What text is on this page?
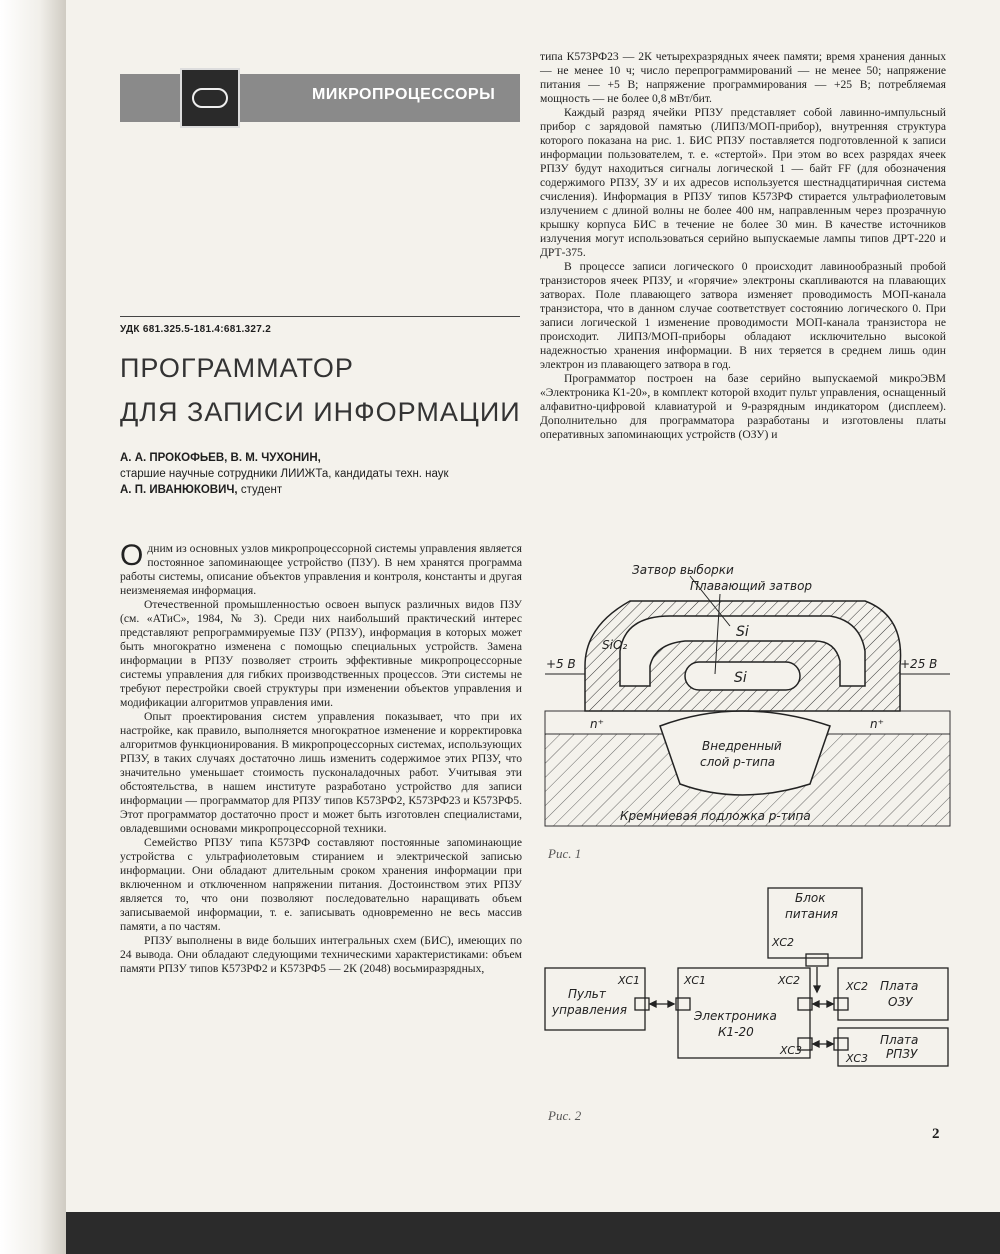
МИКРОПРОЦЕССОРЫ
УДК 681.325.5-181.4:681.327.2
ПРОГРАММАТОР
ДЛЯ ЗАПИСИ ИНФОРМАЦИИ
А. А. ПРОКОФЬЕВ, В. М. ЧУХОНИН,
старшие научные сотрудники ЛИИЖТа, кандидаты техн. наук
А. П. ИВАНЮКОВИЧ, студент

Одним из основных узлов микропроцессорной системы управления является постоянное запоминающее устройство (ПЗУ). В нем хранятся программа работы системы, описание объектов управления и контроля, константы и другая неизменяемая информация.

Отечественной промышленностью освоен выпуск различных видов ПЗУ (см. «АТиС», 1984, № 3). Среди них наибольший практический интерес представляют репрограммируемые ПЗУ (РПЗУ), информация в которых может быть многократно изменена с помощью специальных устройств. Замена информации в РПЗУ позволяет строить эффективные микропроцессорные системы управления для гибких производственных процессов. Эти системы не требуют перестройки своей структуры при изменении объектов управления и модификации алгоритмов управления ими.

Опыт проектирования систем управления показывает, что при их настройке, как правило, выполняется многократное изменение и корректировка алгоритмов функционирования. В микропроцессорных системах, использующих РПЗУ, в таких случаях достаточно лишь изменить содержимое этих РПЗУ, что значительно уменьшает стоимость пусконаладочных работ. Учитывая эти обстоятельства, в нашем институте разработано устройство для записи информации — программатор для РПЗУ типов К573РФ2, К573РФ23 и К573РФ5. Этот программатор достаточно прост и может быть изготовлен специалистами, овладевшими основами микропроцессорной техники.

Семейство РПЗУ типа К573РФ составляют постоянные запоминающие устройства с ультрафиолетовым стиранием и электрической записью информации. Они обладают длительным сроком хранения информации при включенном и отключенном напряжении питания. Достоинством этих РПЗУ является то, что они позволяют последовательно наращивать объем записываемой информации, т. е. записывать одновременно не весь массив памяти, а по частям.

РПЗУ выполнены в виде больших интегральных схем (БИС), имеющих по 24 вывода. Они обладают следующими техническими характеристиками: объем памяти РПЗУ типов К573РФ2 и К573РФ5 — 2К (2048) восьмиразрядных,

типа К573РФ23 — 2К четырехразрядных ячеек памяти; время хранения данных — не менее 10 ч; число перепрограммирований — не менее 50; напряжение питания — +5 В; напряжение программирования — +25 В; потребляемая мощность — не более 0,8 мВт/бит.

Каждый разряд ячейки РПЗУ представляет собой лавинно-импульсный прибор с зарядовой памятью (ЛИПЗ/МОП-прибор), внутренняя структура которого показана на рис. 1. БИС РПЗУ поставляется подготовленной к записи информации пользователем, т. е. «стертой». При этом во всех разрядах ячеек РПЗУ будут находиться сигналы логической 1 — байт FF (для обозначения содержимого РПЗУ, ЗУ и их адресов используется шестнадцатиричная система счисления). Информация в РПЗУ типов К573РФ стирается ультрафиолетовым излучением с длиной волны не более 400 нм, направленным через прозрачную крышку корпуса БИС в течение не более 30 мин. В качестве источников излучения могут использоваться серийно выпускаемые лампы типов ДРТ-220 и ДРТ-375.

В процессе записи логического 0 происходит лавинообразный пробой транзисторов ячеек РПЗУ, и «горячие» электроны скапливаются на плавающих затворах. Поле плавающего затвора изменяет проводимость МОП-канала транзистора, что в данном случае соответствует состоянию логического 0. При записи логической 1 изменение проводимости МОП-канала транзистора не происходит. ЛИПЗ/МОП-приборы обладают исключительно высокой надежностью хранения информации. В них теряется в среднем лишь один электрон из плавающего затвора в год.

Программатор построен на базе серийно выпускаемой микроЭВМ «Электроника К1-20», в комплект которой входит пульт управления, оснащенный алфавитно-цифровой клавиатурой и 9-разрядным индикатором (дисплеем). Дополнительно для программатора разработаны и изготовлены платы оперативных запоминающих устройств (ОЗУ) и

Затвор выборки
Плавающий затвор
SiO₂
Si
Si
+5 В	+25 В
n⁺	n⁺
Внедренный
слой p-типа
Кремниевая подложка p-типа
Рис. 1
Блок
питания
XC2
Пульт
управления
XC1	XC1	XC2
XC3
Электроника
К1-20
Плата
ОЗУ
XC2
Плата
РПЗУ
XC3
Рис. 2
2
